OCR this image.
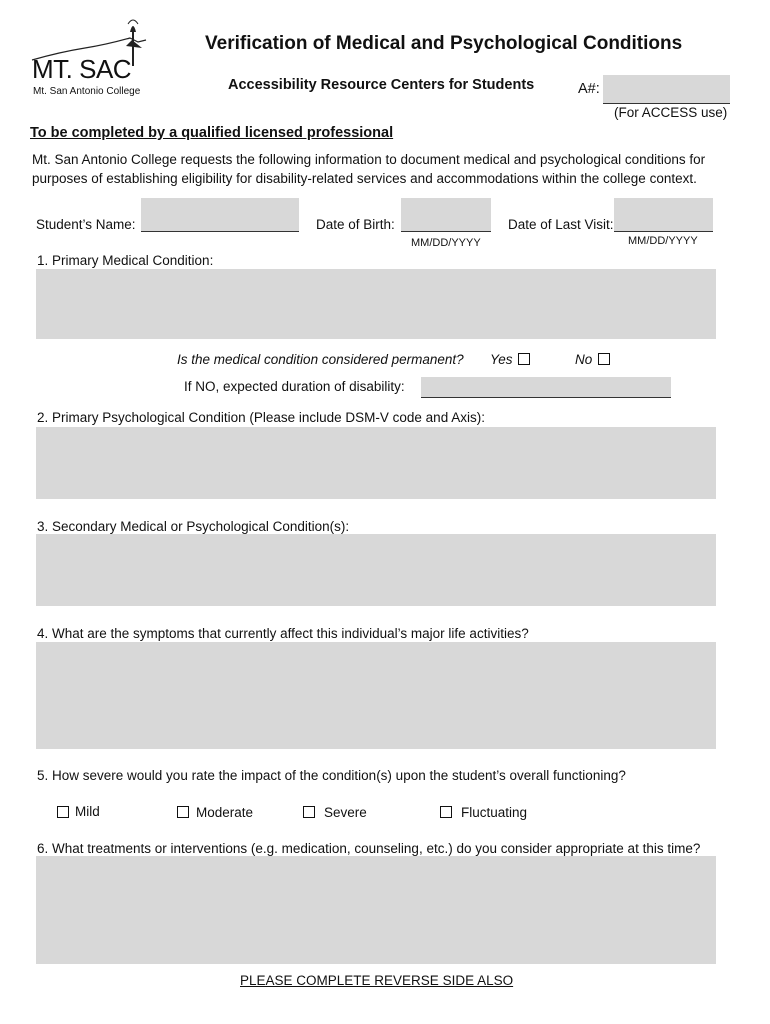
MT. SAC
Mt. San Antonio College
Verification of Medical and Psychological Conditions
Accessibility Resource Centers for Students	A#:
(For ACCESS use)
To be completed by a qualified licensed professional
Mt. San Antonio College requests the following information to document medical and psychological conditions for purposes of establishing eligibility for disability-related services and accommodations within the college context.
Student’s Name:	Date of Birth:
MM/DD/YYYY
Date of Last Visit:
MM/DD/YYYY
1. Primary Medical Condition:
Is the medical condition considered permanent? Yes	No
If NO, expected duration of disability:
2. Primary Psychological Condition (Please include DSM-V code and Axis):
3. Secondary Medical or Psychological Condition(s):
4. What are the symptoms that currently affect this individual’s major life activities?
5. How severe would you rate the impact of the condition(s) upon the student’s overall functioning?
Mild	Moderate	Severe	Fluctuating
6. What treatments or interventions (e.g. medication, counseling, etc.) do you consider appropriate at this time?
PLEASE COMPLETE REVERSE SIDE ALSO
